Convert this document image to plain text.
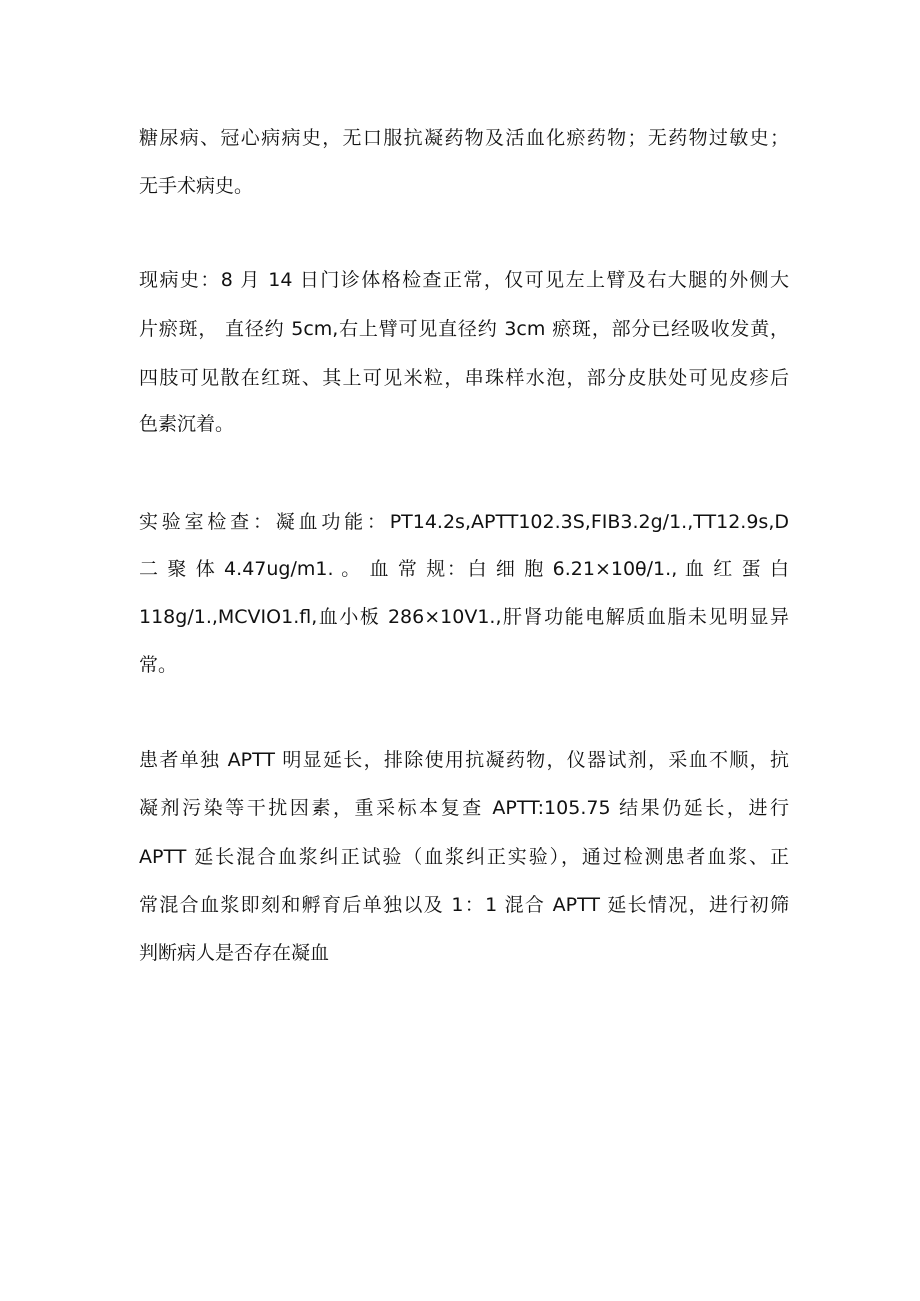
糖尿病、冠心病病史，无口服抗凝药物及活血化瘀药物；无药物过敏史；
无手术病史。
现病史：8 月 14 日门诊体格检查正常，仅可见左上臂及右大腿的外侧大
片瘀斑， 直径约 5cm,右上臂可见直径约 3cm 瘀斑，部分已经吸收发黄，
四肢可见散在红斑、其上可见米粒，串珠样水泡，部分皮肤处可见皮疹后
色素沉着。
实验室检查：凝血功能：PT14.2s,APTT102.3S,FIB3.2g∕1.,TT12.9s,D
二 聚 体 4.47ug∕m1. 。 血 常 规：白 细 胞 6.21×10θ∕1., 血 红 蛋 白
118g∕1.,MCVIO1.fl,血小板 286×10V1.,肝肾功能电解质血脂未见明显异
常。
患者单独 APTT 明显延长，排除使用抗凝药物，仪器试剂，采血不顺，抗
凝剂污染等干扰因素，重采标本复查 APTT:105.75 结果仍延长，进行
APTT 延长混合血浆纠正试验（血浆纠正实验），通过检测患者血浆、正
常混合血浆即刻和孵育后单独以及 1：1 混合 APTT 延长情况，进行初筛
判断病人是否存在凝血
